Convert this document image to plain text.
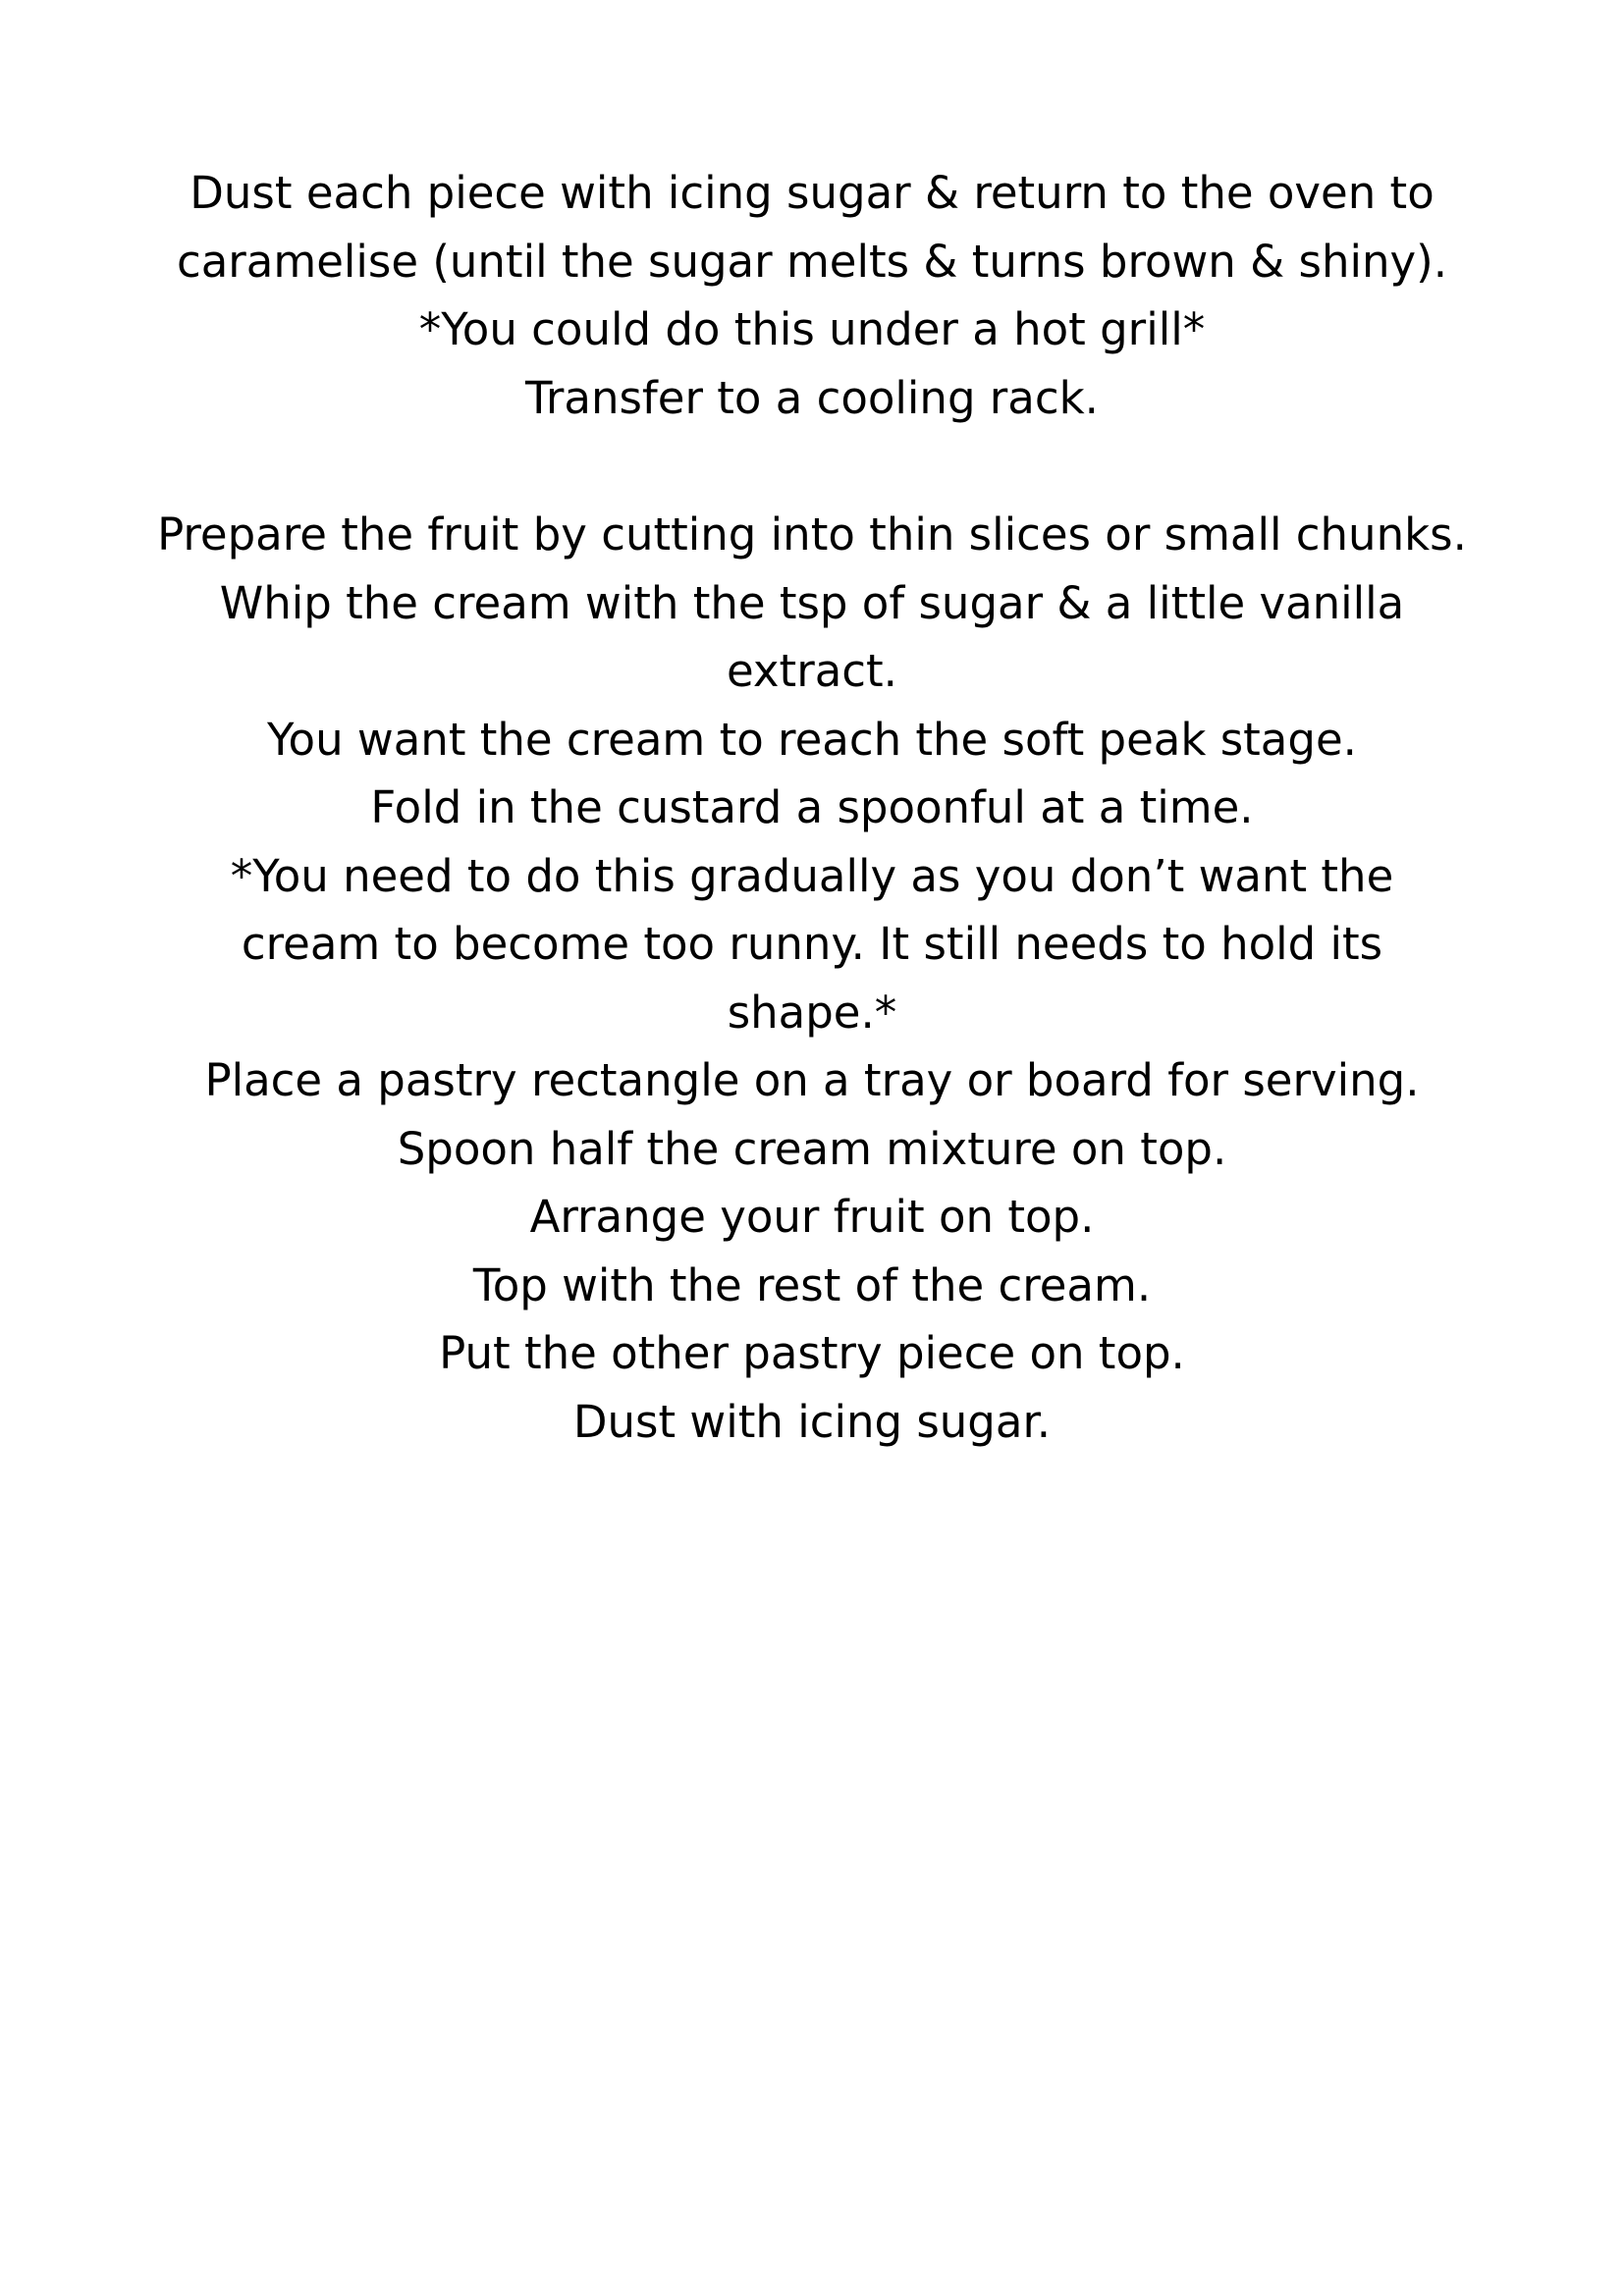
Dust each piece with icing sugar & return to the oven to
caramelise (until the sugar melts & turns brown & shiny).
*You could do this under a hot grill*
Transfer to a cooling rack.
Prepare the fruit by cutting into thin slices or small chunks.
Whip the cream with the tsp of sugar & a little vanilla
extract.
You want the cream to reach the soft peak stage.
Fold in the custard a spoonful at a time.
*You need to do this gradually as you don’t want the
cream to become too runny. It still needs to hold its
shape.*
Place a pastry rectangle on a tray or board for serving.
Spoon half the cream mixture on top.
Arrange your fruit on top.
Top with the rest of the cream.
Put the other pastry piece on top.
Dust with icing sugar.
